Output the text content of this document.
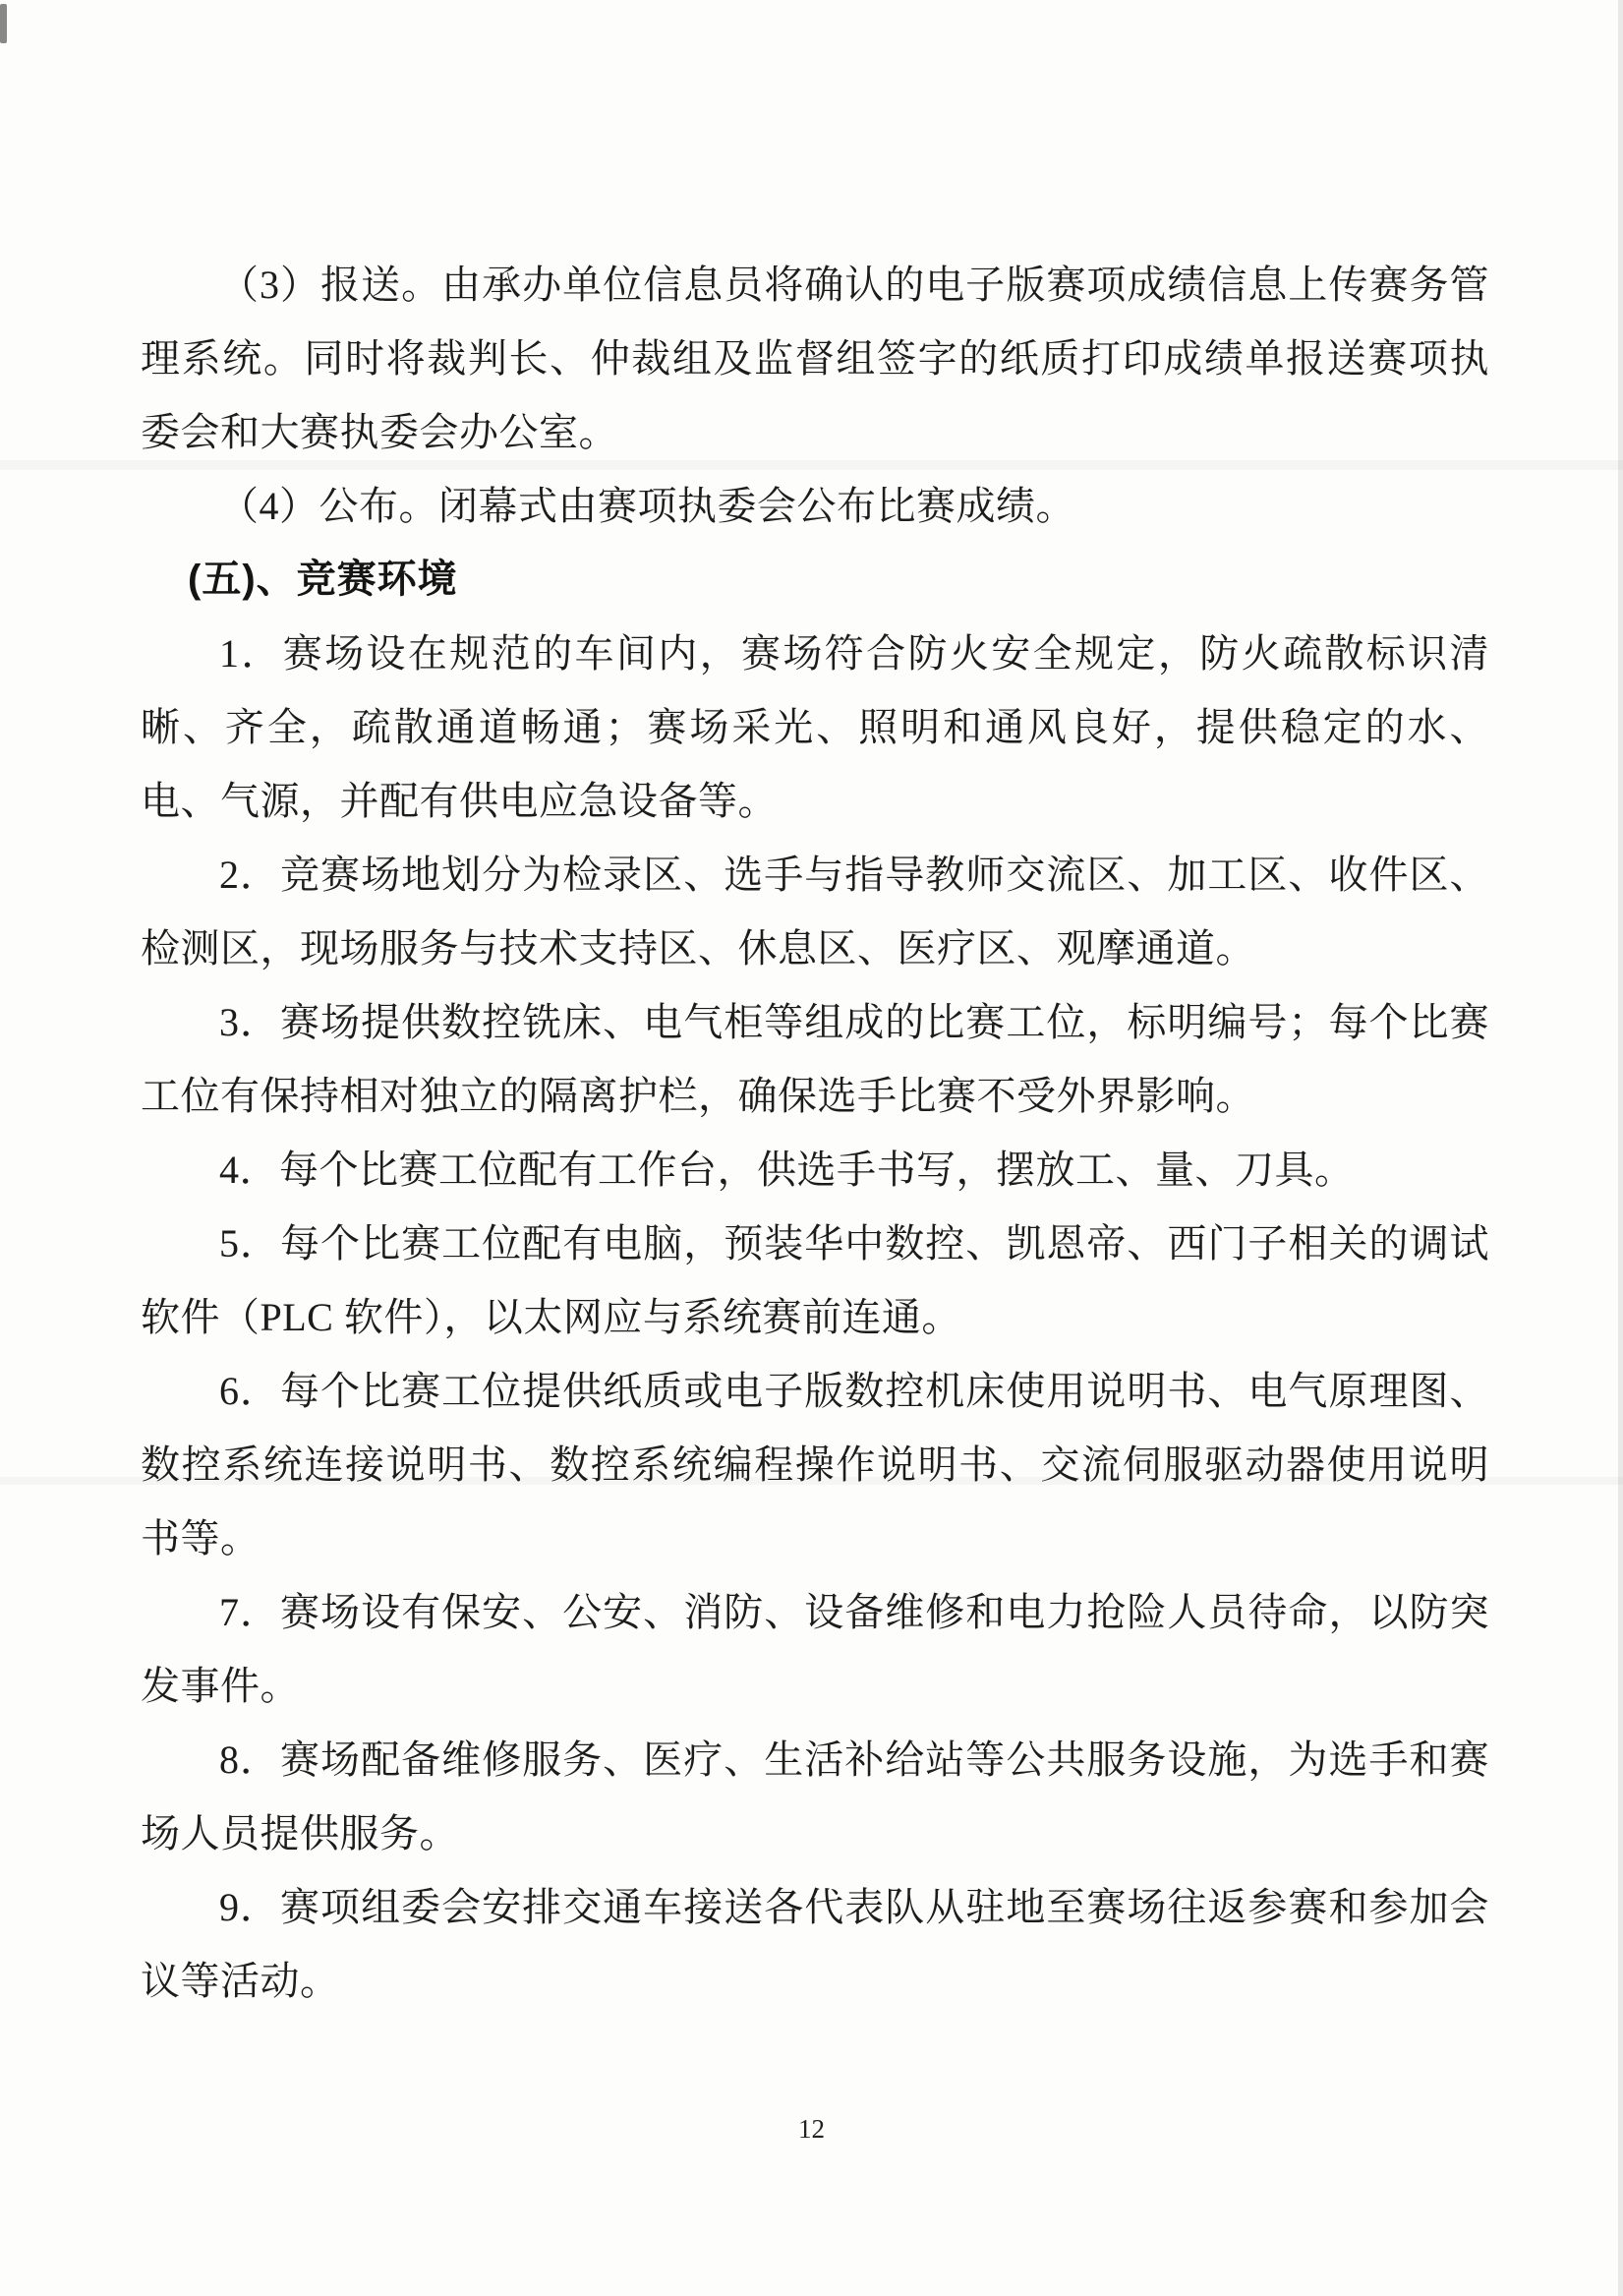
（3）报送。由承办单位信息员将确认的电子版赛项成绩信息上传赛务管理系统。同时将裁判长、仲裁组及监督组签字的纸质打印成绩单报送赛项执委会和大赛执委会办公室。

（4）公布。闭幕式由赛项执委会公布比赛成绩。

(五)、竞赛环境

1．赛场设在规范的车间内，赛场符合防火安全规定，防火疏散标识清晰、齐全，疏散通道畅通；赛场采光、照明和通风良好，提供稳定的水、电、气源，并配有供电应急设备等。

2．竞赛场地划分为检录区、选手与指导教师交流区、加工区、收件区、检测区，现场服务与技术支持区、休息区、医疗区、观摩通道。

3．赛场提供数控铣床、电气柜等组成的比赛工位，标明编号；每个比赛工位有保持相对独立的隔离护栏，确保选手比赛不受外界影响。

4．每个比赛工位配有工作台，供选手书写，摆放工、量、刀具。

5．每个比赛工位配有电脑，预装华中数控、凯恩帝、西门子相关的调试软件（PLC 软件），以太网应与系统赛前连通。

6．每个比赛工位提供纸质或电子版数控机床使用说明书、电气原理图、数控系统连接说明书、数控系统编程操作说明书、交流伺服驱动器使用说明书等。

7．赛场设有保安、公安、消防、设备维修和电力抢险人员待命，以防突发事件。

8．赛场配备维修服务、医疗、生活补给站等公共服务设施，为选手和赛场人员提供服务。

9．赛项组委会安排交通车接送各代表队从驻地至赛场往返参赛和参加会议等活动。

12
